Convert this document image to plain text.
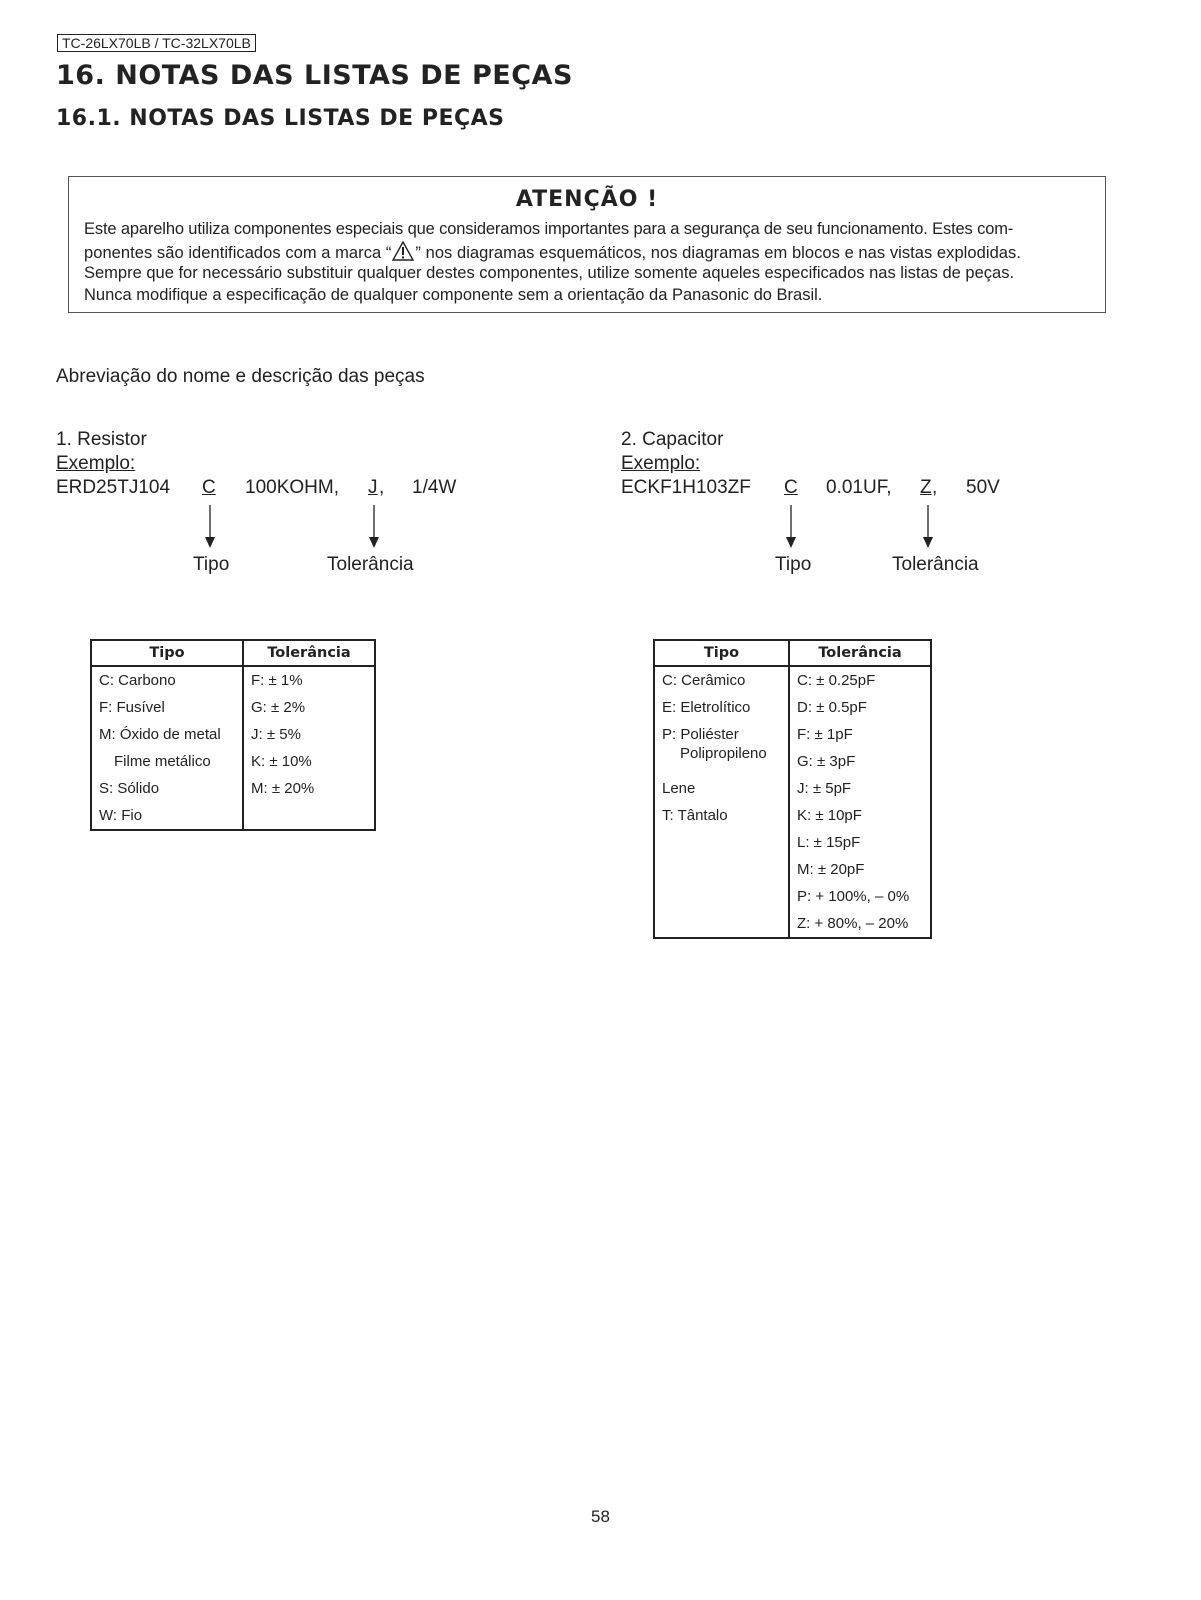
TC-26LX70LB / TC-32LX70LB
16. NOTAS DAS LISTAS DE PEÇAS
16.1. NOTAS DAS LISTAS DE PEÇAS
ATENÇÃO !
Este aparelho utiliza componentes especiais que consideramos importantes para a segurança de seu funcionamento. Estes com-
ponentes são identificados com a marca “ ” nos diagramas esquemáticos, nos diagramas em blocos e nas vistas explodidas.
Sempre que for necessário substituir qualquer destes componentes, utilize somente aqueles especificados nas listas de peças.
Nunca modifique a especificação de qualquer componente sem a orientação da Panasonic do Brasil.
Abreviação do nome e descrição das peças
1. Resistor
Exemplo:
ERD25TJ104 C 100KOHM, J , 1/4W
Tipo	Tolerância
2. Capacitor
Exemplo:
ECKF1H103ZF C 0.01UF, Z , 50V
Tipo	Tolerância
Tipo	Tolerância
C: Carbono	F: ± 1%
F: Fusível	G: ± 2%
M: Óxido de metal	J: ± 5%
Filme metálico	K: ± 10%
S: Sólido	M: ± 20%
W: Fio	
Tipo	Tolerância
C: Cerâmico	C: ± 0.25pF
E: Eletrolítico	D: ± 0.5pF

P: Poliéster
Polipropileno	F: ± 1pF
	G: ± 3pF
Lene	J: ± 5pF
T: Tântalo	K: ± 10pF
	L: ± 15pF
	M: ± 20pF
	P: + 100%, – 0%
	Z: + 80%, – 20%
58
